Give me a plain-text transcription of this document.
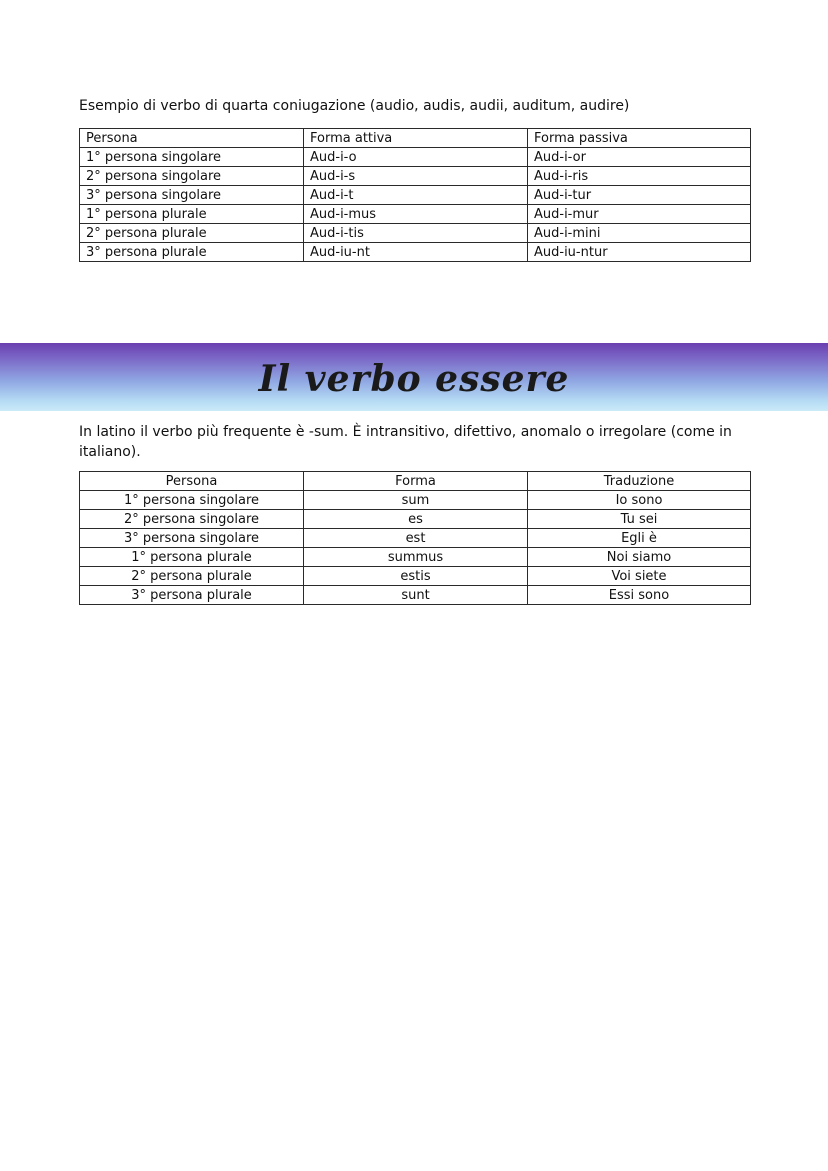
Esempio di verbo di quarta coniugazione (audio, audis, audii, auditum, audire)
Persona	Forma attiva	Forma passiva
1° persona singolare	Aud-i-o	Aud-i-or
2° persona singolare	Aud-i-s	Aud-i-ris
3° persona singolare	Aud-i-t	Aud-i-tur
1° persona plurale	Aud-i-mus	Aud-i-mur
2° persona plurale	Aud-i-tis	Aud-i-mini
3° persona plurale	Aud-iu-nt	Aud-iu-ntur
Il verbo essere
In latino il verbo più frequente è -sum. È intransitivo, difettivo, anomalo o irregolare (come in italiano).
Persona	Forma	Traduzione
1° persona singolare	sum	Io sono
2° persona singolare	es	Tu sei
3° persona singolare	est	Egli è
1° persona plurale	summus	Noi siamo
2° persona plurale	estis	Voi siete
3° persona plurale	sunt	Essi sono
